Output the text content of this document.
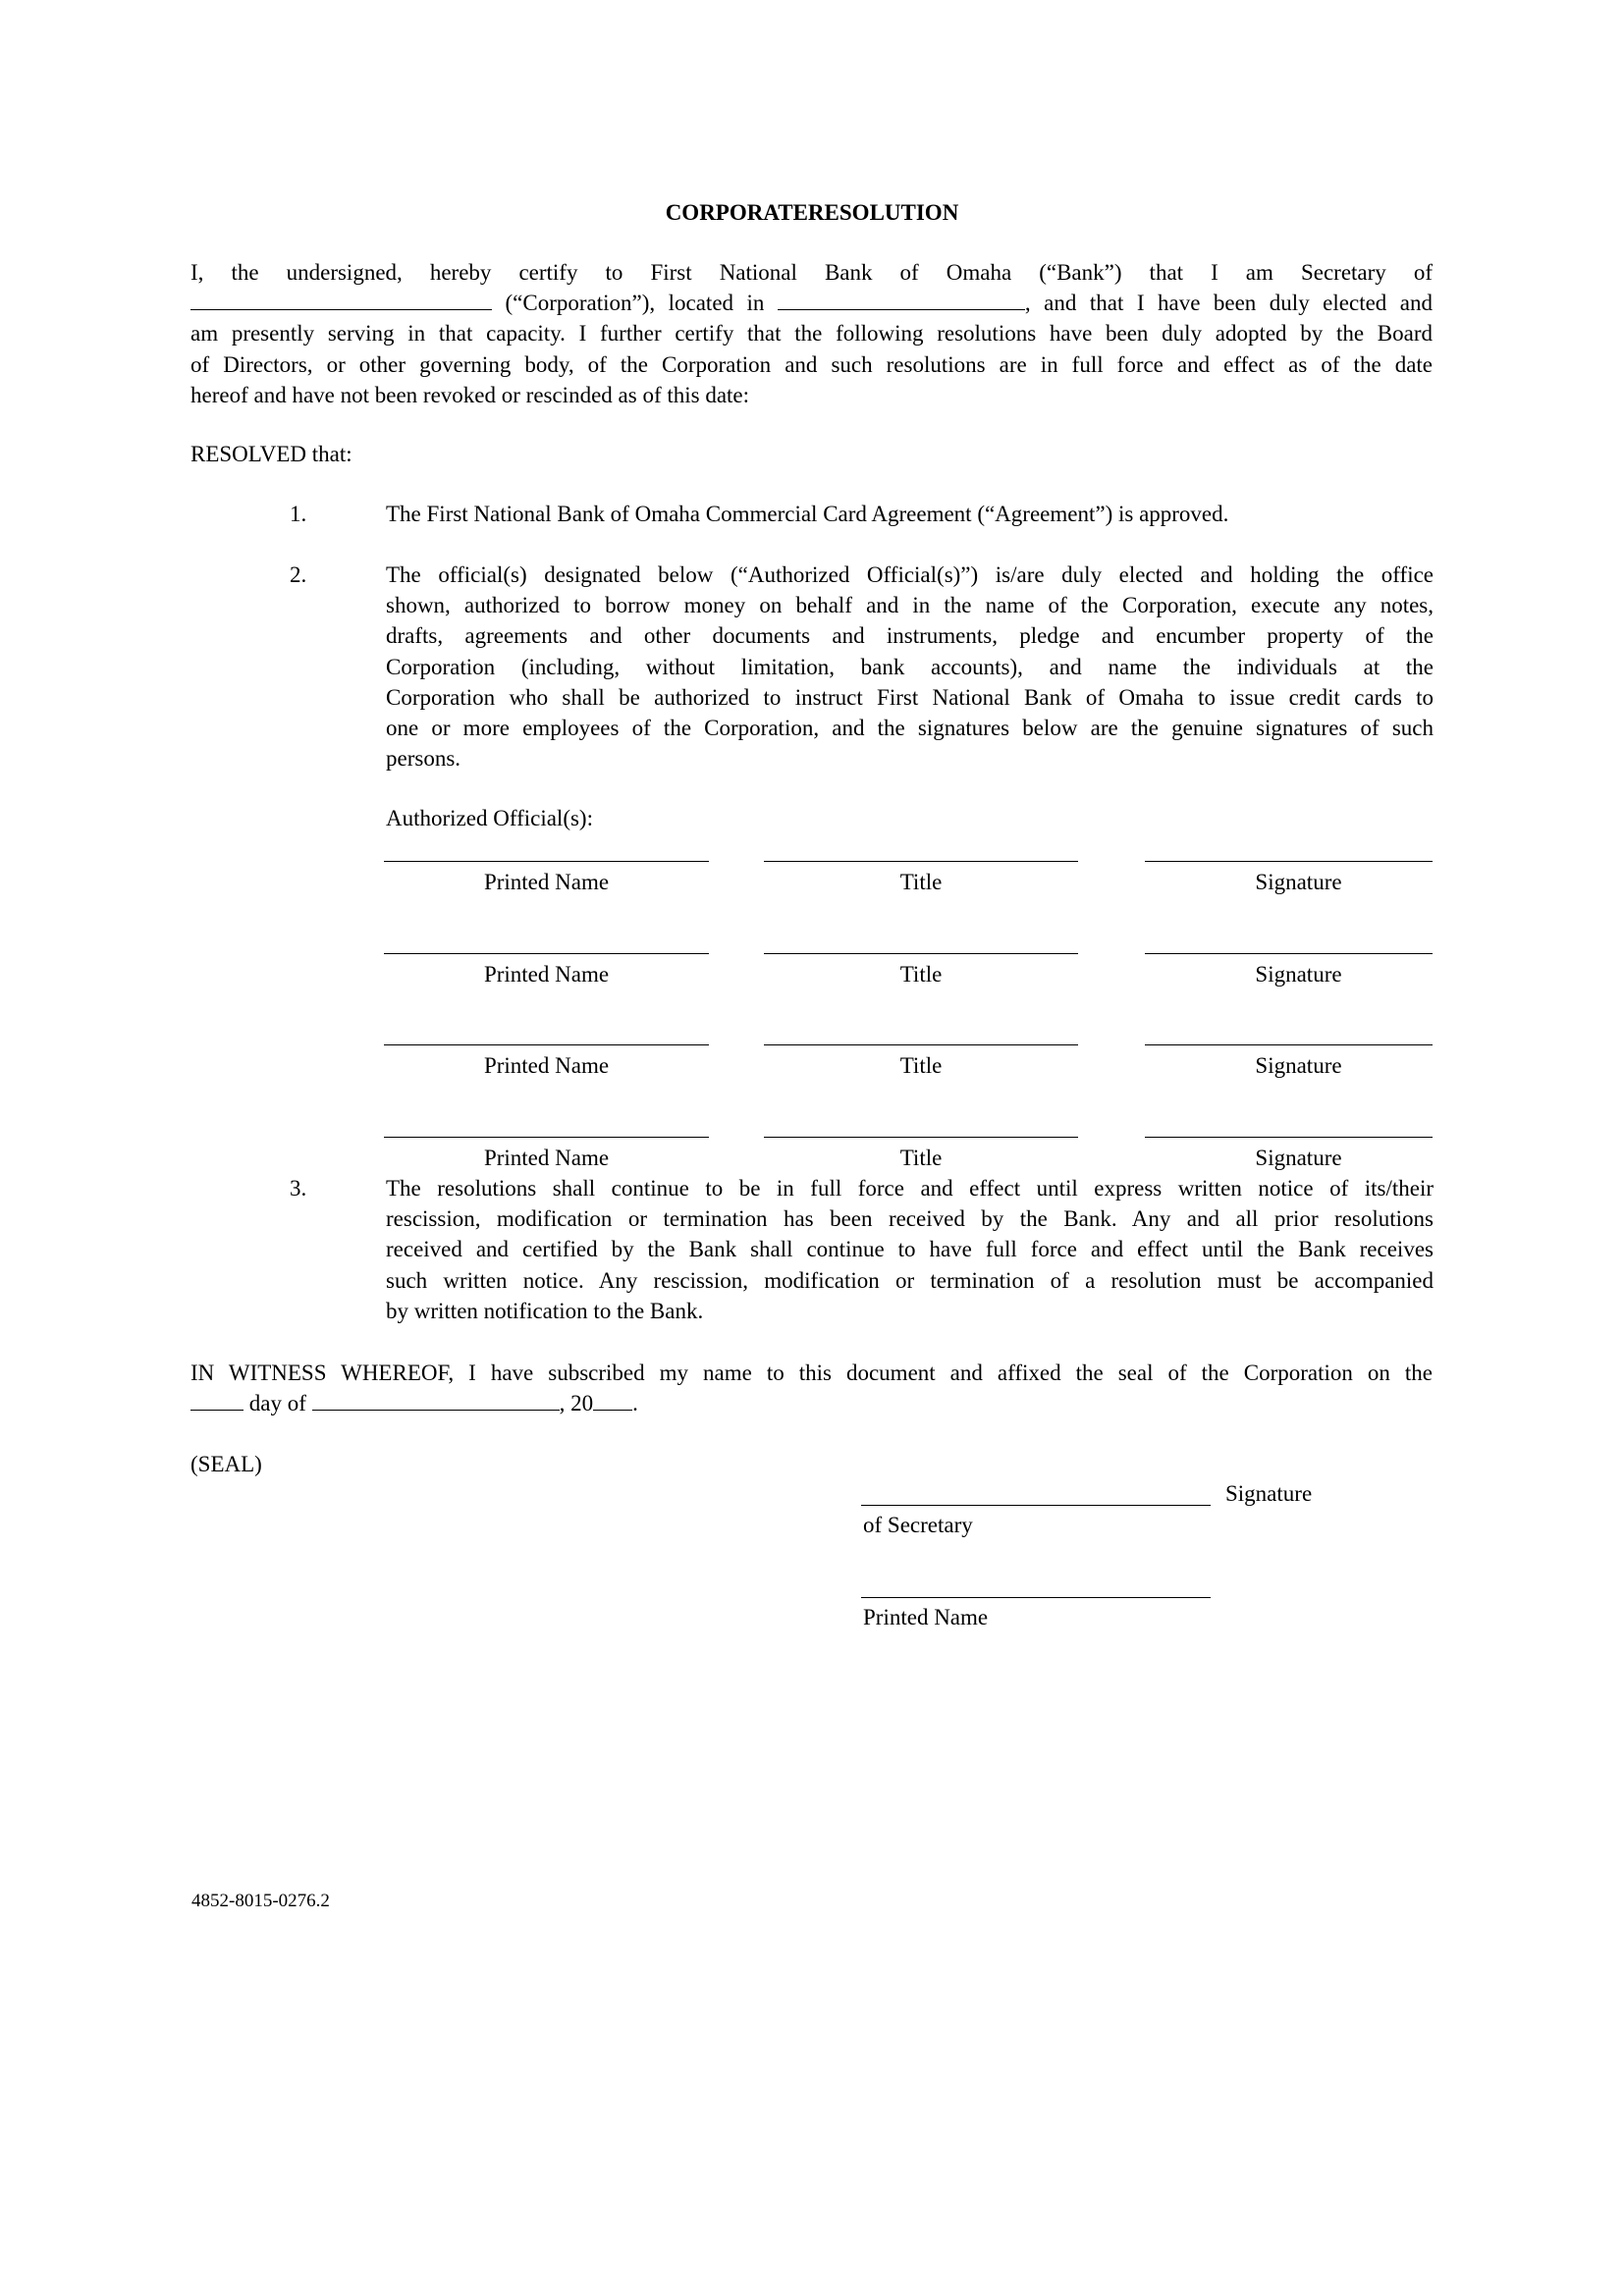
CORPORATERESOLUTION
I, the undersigned, hereby certify to First National Bank of Omaha (“Bank”) that I am Secretary of
(“Corporation”), located in	, and that I have been duly elected and
am presently serving in that capacity. I further certify that the following resolutions have been duly adopted by the Board
of Directors, or other governing body, of the Corporation and such resolutions are in full force and effect as of the date
hereof and have not been revoked or rescinded as of this date:
RESOLVED that:
1.	The First National Bank of Omaha Commercial Card Agreement (“Agreement”) is approved.
2.	The official(s) designated below (“Authorized Official(s)”) is/are duly elected and holding the office
shown, authorized to borrow money on behalf and in the name of the Corporation, execute any notes,
drafts, agreements and other documents and instruments, pledge and encumber property of the
Corporation (including, without limitation, bank accounts), and name the individuals at the
Corporation who shall be authorized to instruct First National Bank of Omaha to issue credit cards to
one or more employees of the Corporation, and the signatures below are the genuine signatures of such
persons.
Authorized Official(s):
Printed Name	Title	Signature
Printed Name	Title	Signature
Printed Name	Title	Signature
Printed Name	Title	Signature
3.	The resolutions shall continue to be in full force and effect until express written notice of its/their
rescission, modification or termination has been received by the Bank. Any and all prior resolutions
received and certified by the Bank shall continue to have full force and effect until the Bank receives
such written notice. Any rescission, modification or termination of a resolution must be accompanied
by written notification to the Bank.
IN WITNESS WHEREOF, I have subscribed my name to this document and affixed the seal of the Corporation on the
day of	, 20 .
(SEAL)
Signature
of Secretary
Printed Name
4852-8015-0276.2
